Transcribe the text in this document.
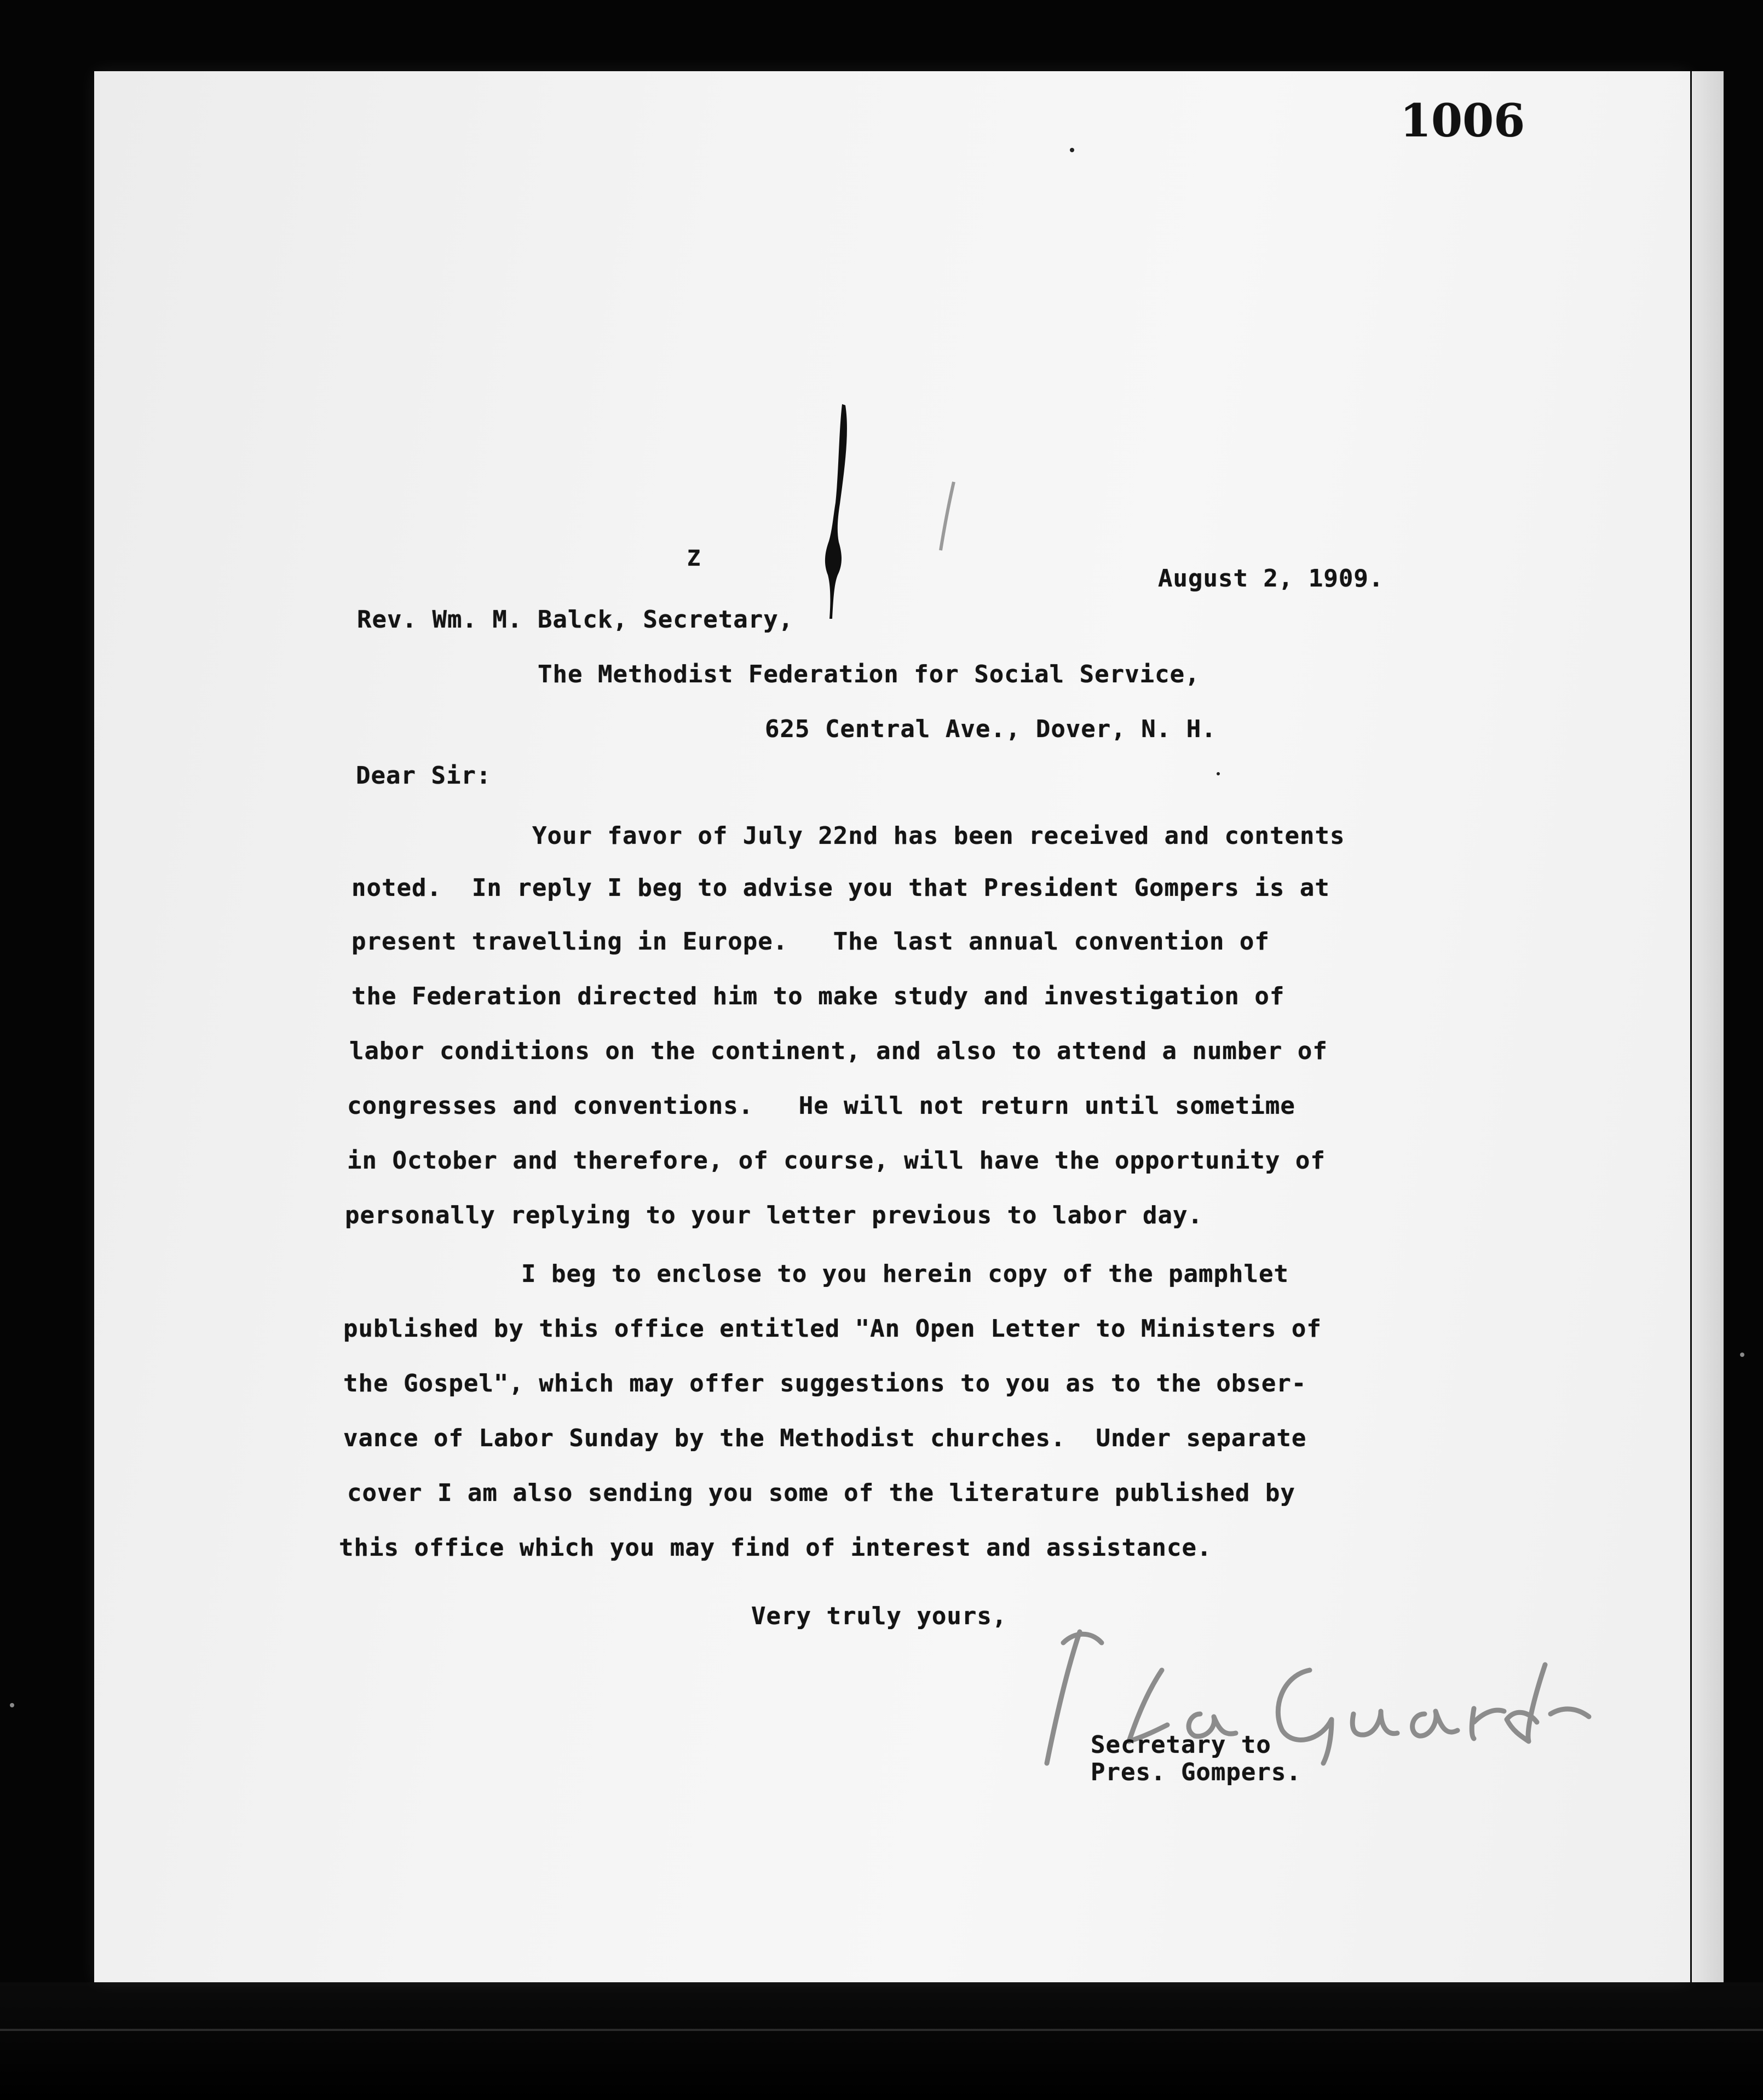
1006
Z
August 2, 1909.
Rev. Wm. M. Balck, Secretary,
The Methodist Federation for Social Service,
625 Central Ave., Dover, N. H.
Dear Sir:
Your favor of July 22nd has been received and contents
noted.  In reply I beg to advise you that President Gompers is at
present travelling in Europe.   The last annual convention of
the Federation directed him to make study and investigation of
labor conditions on the continent, and also to attend a number of
congresses and conventions.   He will not return until sometime
in October and therefore, of course, will have the opportunity of
personally replying to your letter previous to labor day.
I beg to enclose to you herein copy of the pamphlet
published by this office entitled "An Open Letter to Ministers of
the Gospel", which may offer suggestions to you as to the obser-
vance of Labor Sunday by the Methodist churches.  Under separate
cover I am also sending you some of the literature published by
this office which you may find of interest and assistance.
Very truly yours,
Secretary to
Pres. Gompers.
